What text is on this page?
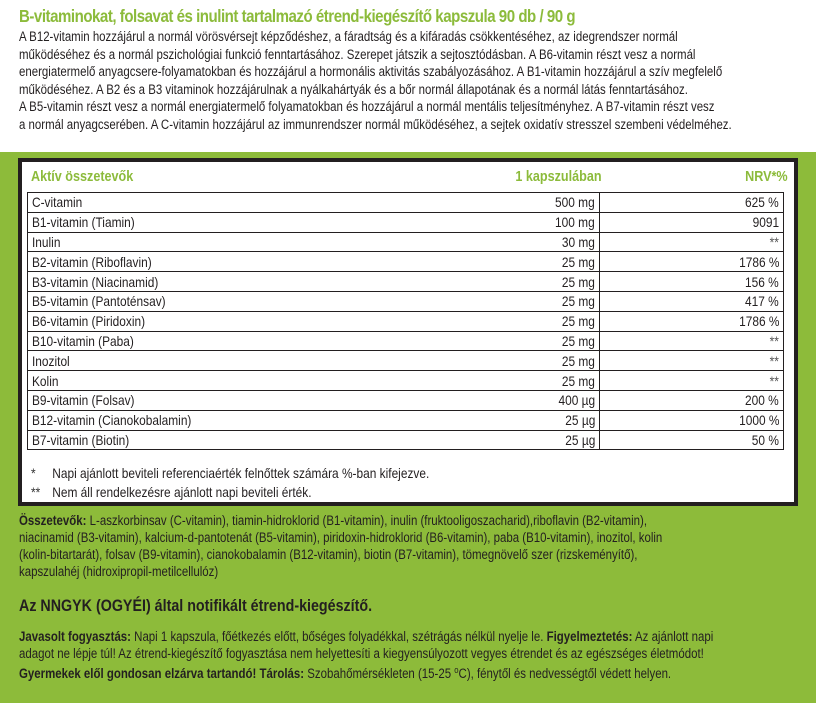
B-vitaminokat, folsavat és inulint tartalmazó étrend-kiegészítő kapszula 90 db / 90 g
A B12-vitamin hozzájárul a normál vörösvérsejt képződéshez, a fáradtság és a kifáradás csökkentéséhez, az idegrendszer normál
működéséhez és a normál pszichológiai funkció fenntartásához. Szerepet játszik a sejtosztódásban. A B6-vitamin részt vesz a normál
energiatermelő anyagcsere-folyamatokban és hozzájárul a hormonális aktivitás szabályozásához. A B1-vitamin hozzájárul a szív megfelelő
működéséhez. A B2 és a B3 vitaminok hozzájárulnak a nyálkahártyák és a bőr normál állapotának és a normál látás fenntartásához.
A B5-vitamin részt vesz a normál energiatermelő folyamatokban és hozzájárul a normál mentális teljesítményhez. A B7-vitamin részt vesz
a normál anyagcserében. A C-vitamin hozzájárul az immunrendszer normál működéséhez, a sejtek oxidatív stresszel szembeni védelméhez.
Aktív összetevők	1 kapszulában	NRV*%
C-vitamin	500 mg	625 %
B1-vitamin (Tiamin)	100 mg	9091
Inulin	30 mg	**
B2-vitamin (Riboflavin)	25 mg	1786 %
B3-vitamin (Niacinamid)	25 mg	156 %
B5-vitamin (Pantoténsav)	25 mg	417 %
B6-vitamin (Piridoxin)	25 mg	1786 %
B10-vitamin (Paba)	25 mg	**
Inozitol	25 mg	**
Kolin	25 mg	**
B9-vitamin (Folsav)	400 µg	200 %
B12-vitamin (Cianokobalamin)	25 µg	1000 %
B7-vitamin (Biotin)	25 µg	50 %
* Napi ajánlott beviteli referenciaérték felnőttek számára %-ban kifejezve.
** Nem áll rendelkezésre ajánlott napi beviteli érték.
Összetevők: L-aszkorbinsav (C-vitamin), tiamin-hidroklorid (B1-vitamin), inulin (fruktooligoszacharid),riboflavin (B2-vitamin),
niacinamid (B3-vitamin), kalcium-d-pantotenát (B5-vitamin), piridoxin-hidroklorid (B6-vitamin), paba (B10-vitamin), inozitol, kolin
(kolin-bitartarát), folsav (B9-vitamin), cianokobalamin (B12-vitamin), biotin (B7-vitamin), tömegnövelő szer (rizskeményítő),
kapszulahéj (hidroxipropil-metilcellulóz)
Az NNGYK (OGYÉI) által notifikált étrend-kiegészítő.
Javasolt fogyasztás: Napi 1 kapszula, főétkezés előtt, bőséges folyadékkal, szétrágás nélkül nyelje le. Figyelmeztetés: Az ajánlott napi
adagot ne lépje túl! Az étrend-kiegészítő fogyasztása nem helyettesíti a kiegyensúlyozott vegyes étrendet és az egészséges életmódot!
Gyermekek elől gondosan elzárva tartandó! Tárolás: Szobahőmérsékleten (15-25 $^o$C), fénytől és nedvességtől védett helyen.
